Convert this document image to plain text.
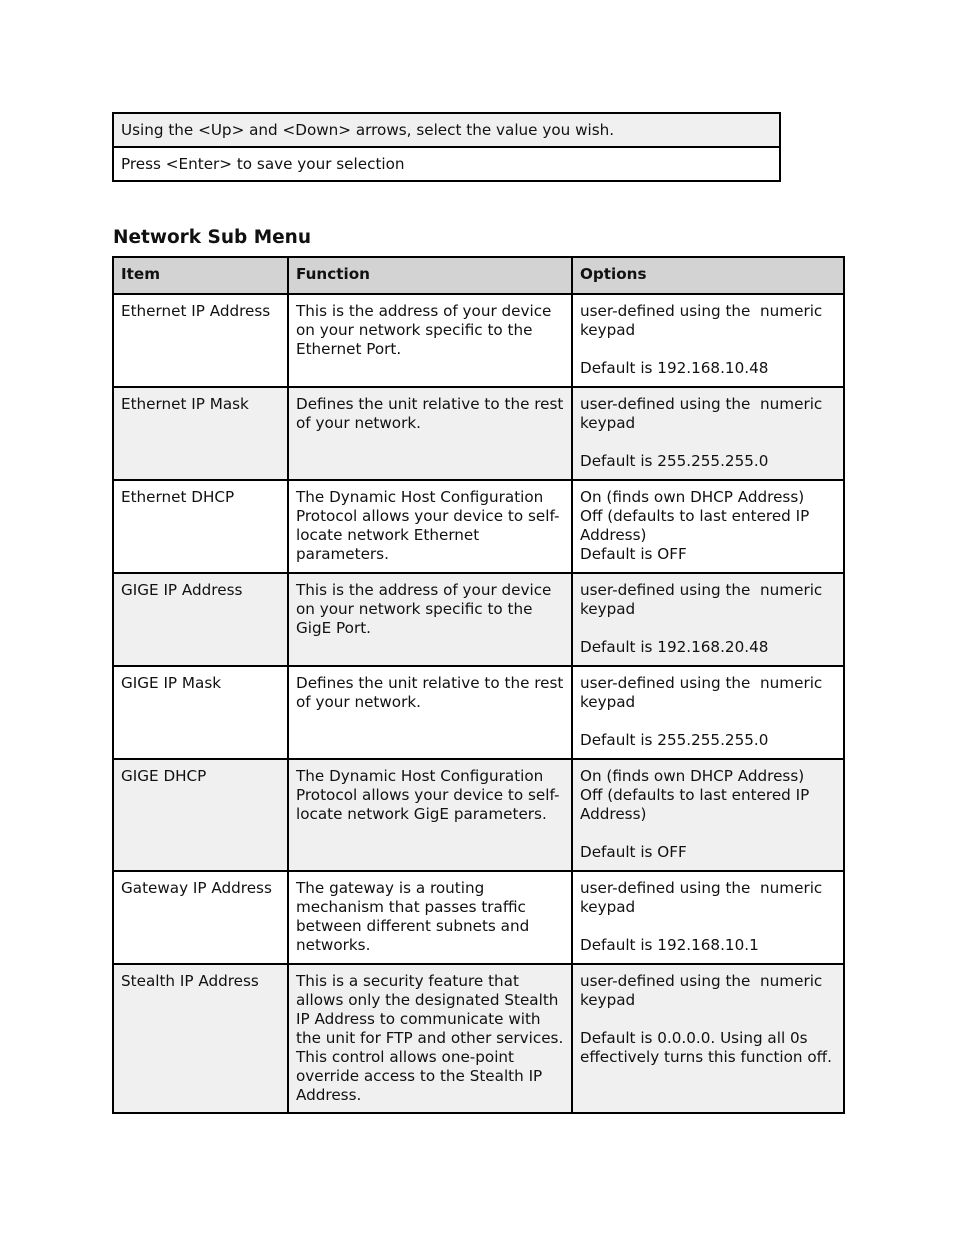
Using the <Up> and <Down> arrows, select the value you wish.
Press <Enter> to save your selection
Network Sub Menu
Item	Function	Options
Ethernet IP Address	This is the address of your device on your network specific to the Ethernet Port.	user-defined using the  numeric keypad
Default is 192.168.10.48

Ethernet IP Mask	Defines the unit relative to the rest of your network.	user-defined using the  numeric keypad
Default is 255.255.255.0

Ethernet DHCP	The Dynamic Host Configuration Protocol allows your device to self-locate network Ethernet parameters.	On (finds own DHCP Address)
Off (defaults to last entered IP Address)
Default is OFF

GIGE IP Address	This is the address of your device on your network specific to the GigE Port.	user-defined using the  numeric keypad
Default is 192.168.20.48

GIGE IP Mask	Defines the unit relative to the rest of your network.	user-defined using the  numeric keypad
Default is 255.255.255.0

GIGE DHCP	The Dynamic Host Configuration Protocol allows your device to self-locate network GigE parameters.	On (finds own DHCP Address)
Off (defaults to last entered IP Address)
Default is OFF

Gateway IP Address	The gateway is a routing mechanism that passes traffic between different subnets and networks.	user-defined using the  numeric keypad
Default is 192.168.10.1

Stealth IP Address	This is a security feature that allows only the designated Stealth IP Address to communicate with the unit for FTP and other services. This control allows one-point override access to the Stealth IP Address.	user-defined using the  numeric keypad
Default is 0.0.0.0. Using all 0s effectively turns this function off.
